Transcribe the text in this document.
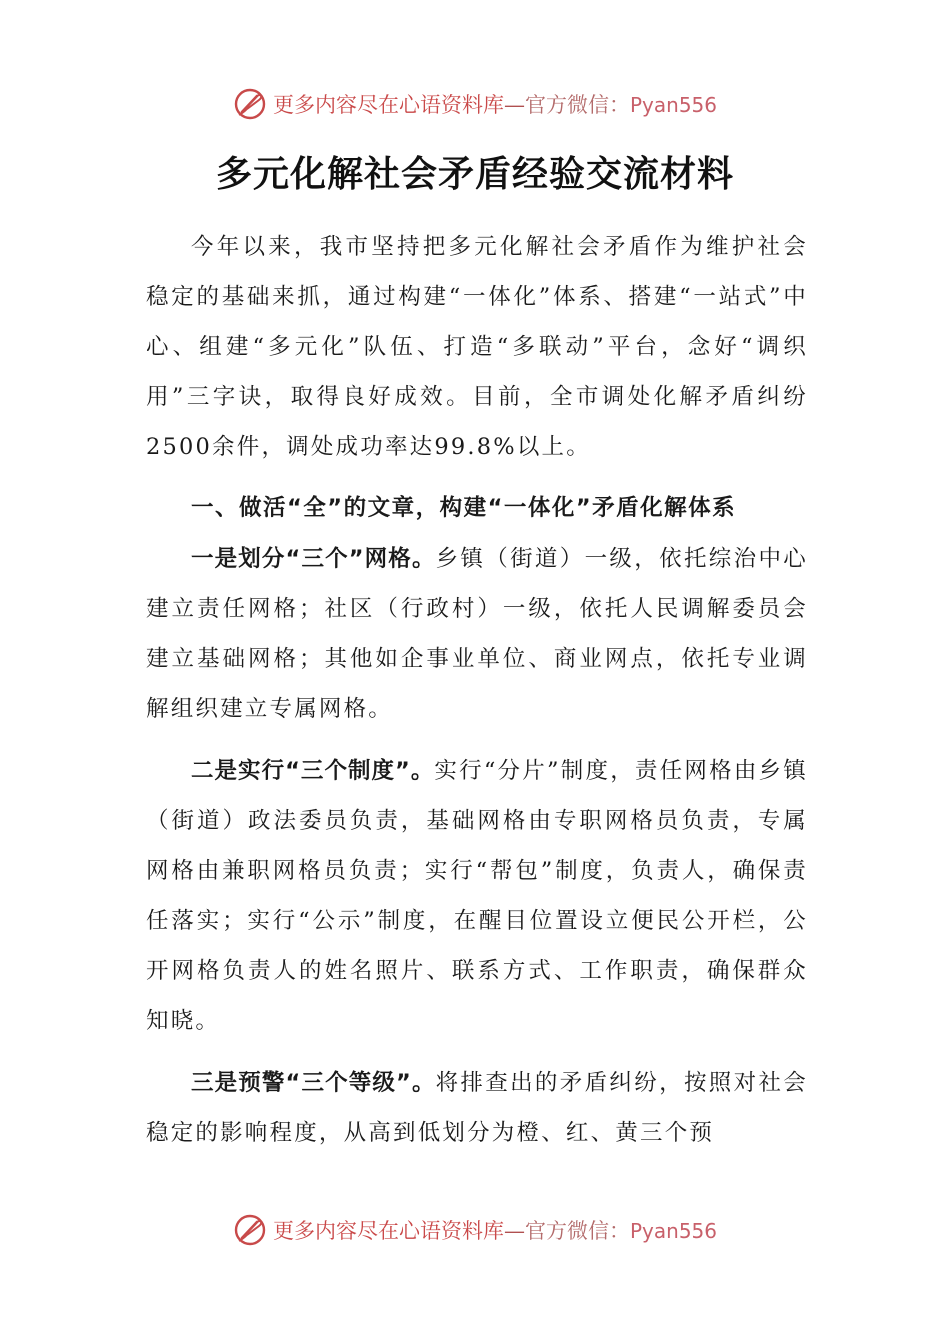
更多内容尽在心语资料库—官方微信：Pyan556
多元化解社会矛盾经验交流材料

今年以来，我市坚持把多元化解社会矛盾作为维护社会稳定的基础来抓，通过构建“一体化”体系、搭建“一站式”中心、组建“多元化”队伍、打造“多联动”平台，念好“调织用”三字诀，取得良好成效。目前，全市调处化解矛盾纠纷2500余件，调处成功率达99.8%以上。

一、做活“全”的文章，构建“一体化”矛盾化解体系

一是划分“三个”网格。乡镇（街道）一级，依托综治中心建立责任网格；社区（行政村）一级，依托人民调解委员会建立基础网格；其他如企事业单位、商业网点，依托专业调解组织建立专属网格。

二是实行“三个制度”。实行“分片”制度，责任网格由乡镇（街道）政法委员负责，基础网格由专职网格员负责，专属网格由兼职网格员负责；实行“帮包”制度，负责人，确保责任落实；实行“公示”制度，在醒目位置设立便民公开栏，公开网格负责人的姓名照片、联系方式、工作职责，确保群众知晓。

三是预警“三个等级”。将排查出的矛盾纠纷，按照对社会稳定的影响程度，从高到低划分为橙、红、黄三个预

更多内容尽在心语资料库—官方微信：Pyan556
